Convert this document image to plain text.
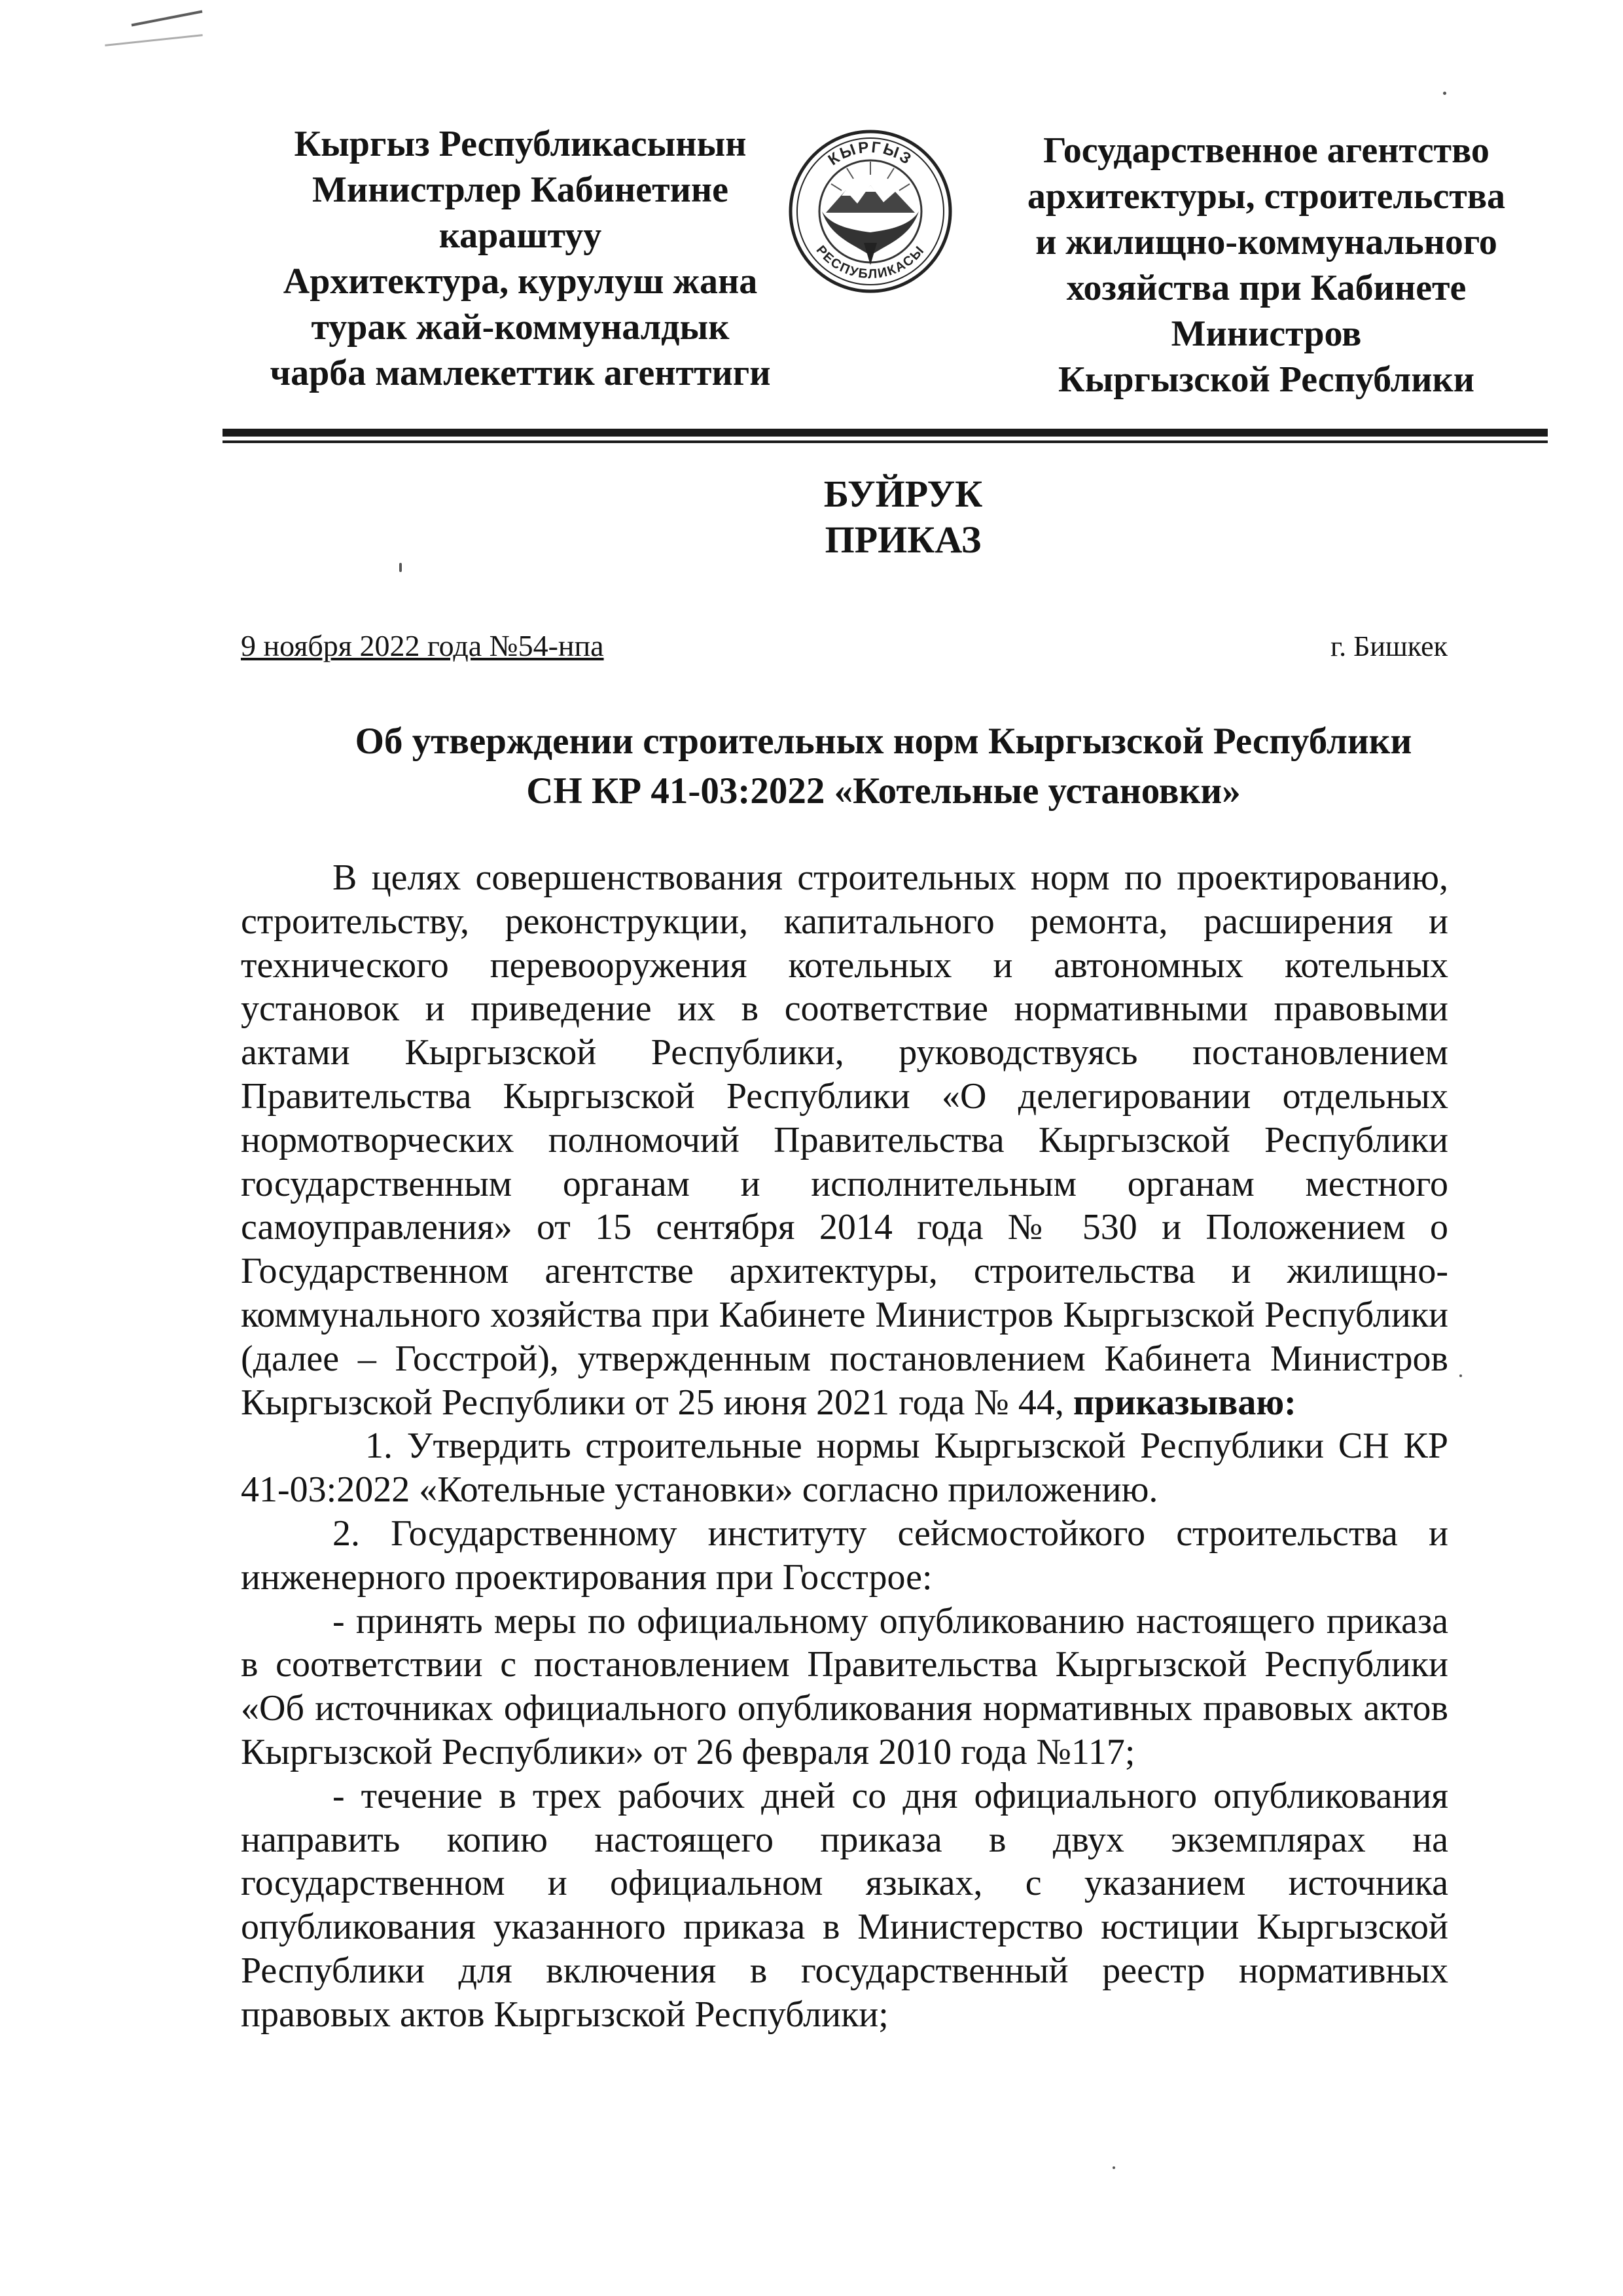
Кыргыз Республикасынын
Министрлер Кабинетине
караштуу
Архитектура, курулуш жана
турак жай-коммуналдык
чарба мамлекеттик агенттиги
КЫРГЫЗ
РЕСПУБЛИКАСЫ
Государственное агентство
архитектуры, строительства
и жилищно-коммунального
хозяйства при Кабинете
Министров
Кыргызской Республики
БУЙРУК
ПРИКАЗ
9 ноября 2022 года №54-нпа	г. Бишкек
Об утверждении строительных норм Кыргызской Республики
СН КР 41-03:2022 «Котельные установки»

В целях совершенствования строительных норм по проектированию, строительству, реконструкции, капитального ремонта, расширения и технического перевооружения котельных и автономных котельных установок и приведение их в соответствие нормативными правовыми актами Кыргызской Республики, руководствуясь постановлением Правительства Кыргызской Республики «О делегировании отдельных нормотворческих полномочий Правительства Кыргызской Республики государственным органам и исполнительным органам местного самоуправления» от 15 сентября 2014 года № 530 и Положением о Государственном агентстве архитектуры, строительства и жилищно-коммунального хозяйства при Кабинете Министров Кыргызской Республики (далее – Госстрой), утвержденным постановлением Кабинета Министров Кыргызской Республики от 25 июня 2021 года № 44, приказываю:

1. Утвердить строительные нормы Кыргызской Республики СН КР 41-03:2022 «Котельные установки» согласно приложению.

2. Государственному институту сейсмостойкого строительства и инженерного проектирования при Госстрое:

- принять меры по официальному опубликованию настоящего приказа в соответствии с постановлением Правительства Кыргызской Республики «Об источниках официального опубликования нормативных правовых актов Кыргызской Республики» от 26 февраля 2010 года №117;

- течение в трех рабочих дней со дня официального опубликования направить копию настоящего приказа в двух экземплярах на государственном и официальном языках, с указанием источника опубликования указанного приказа в Министерство юстиции Кыргызской Республики для включения в государственный реестр нормативных правовых актов Кыргызской Республики;
